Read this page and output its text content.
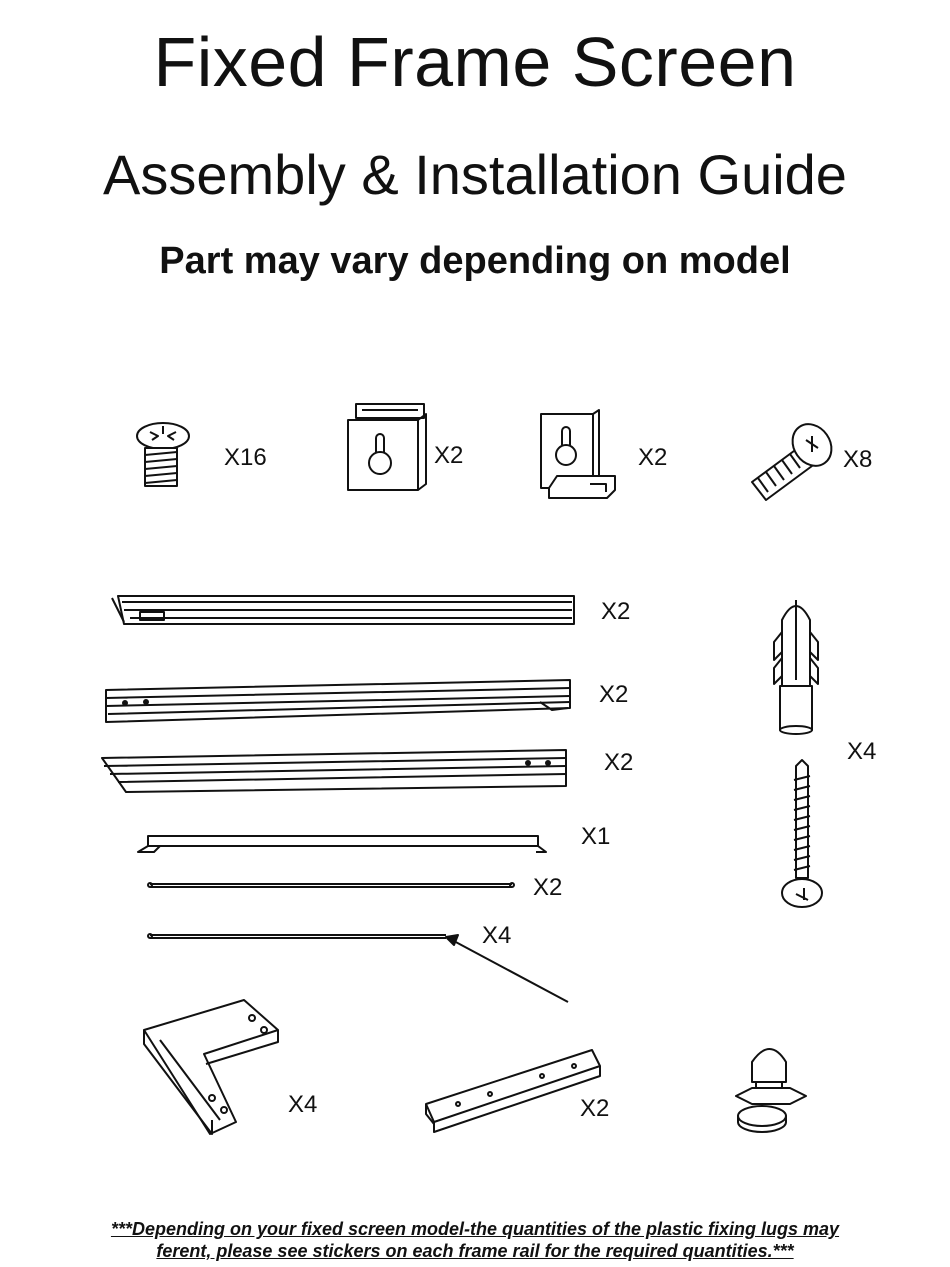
Fixed Frame Screen
Assembly & Installation Guide
Part may vary depending on model
X16	X2	X2	X8
X2
X2
X2
X1
X2
X4
X4
X4	X2

***Depending on your fixed screen model-the quantities of the plastic fixing lugs may

ferent, please see stickers on each frame rail for the required quantities.***
